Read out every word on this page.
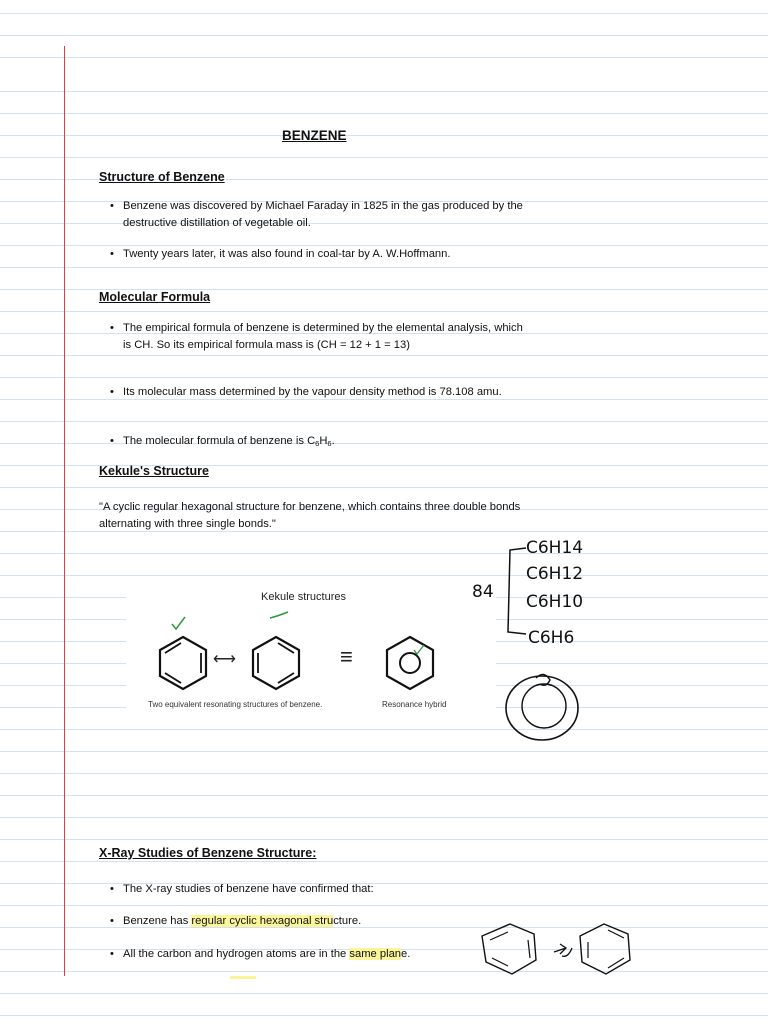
BENZENE
Structure of Benzene
• Benzene was discovered by Michael Faraday in 1825 in the gas produced by the destructive distillation of vegetable oil.
• Twenty years later, it was also found in coal-tar by A. W.Hoffmann.
Molecular Formula
• The empirical formula of benzene is determined by the elemental analysis, which is CH. So its empirical formula mass is (CH = 12 + 1 = 13)
• Its molecular mass determined by the vapour density method is 78.108 amu.
• The molecular formula of benzene is $C_6H_6$.
Kekule's Structure
"A cyclic regular hexagonal structure for benzene, which contains three double bonds alternating with three single bonds."
Kekule structures
⟷	≡
Two equivalent resonating structures of benzene.	Resonance hybrid
84
C6H14
C6H12
C6H10
C6H6
X-Ray Studies of Benzene Structure:
• The X-ray studies of benzene have confirmed that:
• Benzene has regular cyclic hexagonal structure.
• All the carbon and hydrogen atoms are in the same plane.
